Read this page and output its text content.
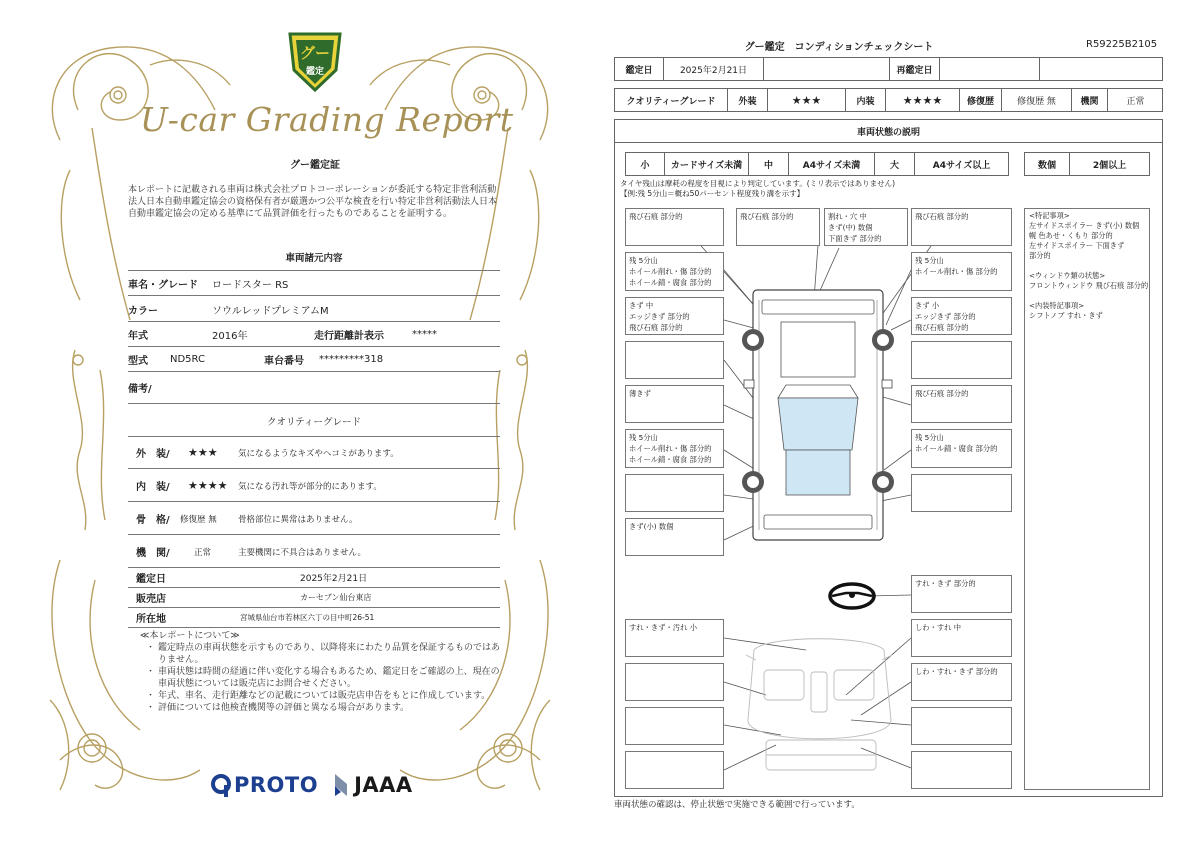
グー
鑑定
U-car Grading Report
グー鑑定証
本レポートに記載される車両は株式会社プロトコーポレーションが委託する特定非営利活動法人日本自動車鑑定協会の資格保有者が厳選かつ公平な検査を行い特定非営利活動法人日本自動車鑑定協会の定める基準にて品質評価を行ったものであることを証明する。
車両諸元内容
車名・グレード	ロードスター RS
カラー	ソウルレッドプレミアムM
年式	2016年	走行距離計表示	*****
型式	ND5RC	車台番号	*********318
備考/
クオリティーグレード
外　装/	★★★	気になるようなキズやヘコミがあります。
内　装/	★★★★	気になる汚れ等が部分的にあります。
骨　格/	修復歴 無	骨格部位に異常はありません。
機　関/	正常	主要機関に不具合はありません。
鑑定日	2025年2月21日
販売店	カーセブン仙台東店
所在地	宮城県仙台市若林区六丁の目中町26-51
≪本レポートについて≫
・ 鑑定時点の車両状態を示すものであり、以降将来にわたり品質を保証するものではありません。
・ 車両状態は時間の経過に伴い変化する場合もあるため、鑑定日をご確認の上、現在の車両状態については販売店にお問合せください。
・ 年式、車名、走行距離などの記載については販売店申告をもとに作成しています。
・ 評価については他検査機関等の評価と異なる場合があります。
PROTO JAAA
グー鑑定　コンディションチェックシート	R59225B2105
鑑定日	2025年2月21日	再鑑定日
クオリティーグレード	外装	★★★	内装	★★★★	修復歴	修復歴 無	機関	正常
車両状態の説明
小	カードサイズ未満	中	A4サイズ未満	大	A4サイズ以上	数個	2個以上
タイヤ残山は摩耗の程度を目視により判定しています。(ミリ表示ではありません)
【例:残 5分山＝概ね50パーセント程度残り溝を示す】
飛び石痕 部分的
残 5分山
ホイール削れ・傷 部分的
ホイール錆・腐食 部分的
きず 中
エッジきず 部分的
飛び石痕 部分的
薄きず
残 5分山
ホイール削れ・傷 部分的
ホイール錆・腐食 部分的
きず(小) 数個
飛び石痕 部分的	割れ・穴 中
きず(中) 数個
下面きず 部分的
飛び石痕 部分的
残 5分山
ホイール削れ・傷 部分的
きず 小
エッジきず 部分的
飛び石痕 部分的
飛び石痕 部分的
残 5分山
ホイール錆・腐食 部分的
すれ・きず・汚れ 小
すれ・きず 部分的
しわ・すれ 中
しわ・すれ・きず 部分的
<特記事項>
左サイドスポイラー きず(小) 数個
幌 色あせ・くもり 部分的
左サイドスポイラー 下面きず
部分的
<ウィンドウ類の状態>
フロントウィンドウ 飛び石痕 部分的
<内装特記事項>
シフトノブ すれ・きず
車両状態の確認は、停止状態で実施できる範囲で行っています。
